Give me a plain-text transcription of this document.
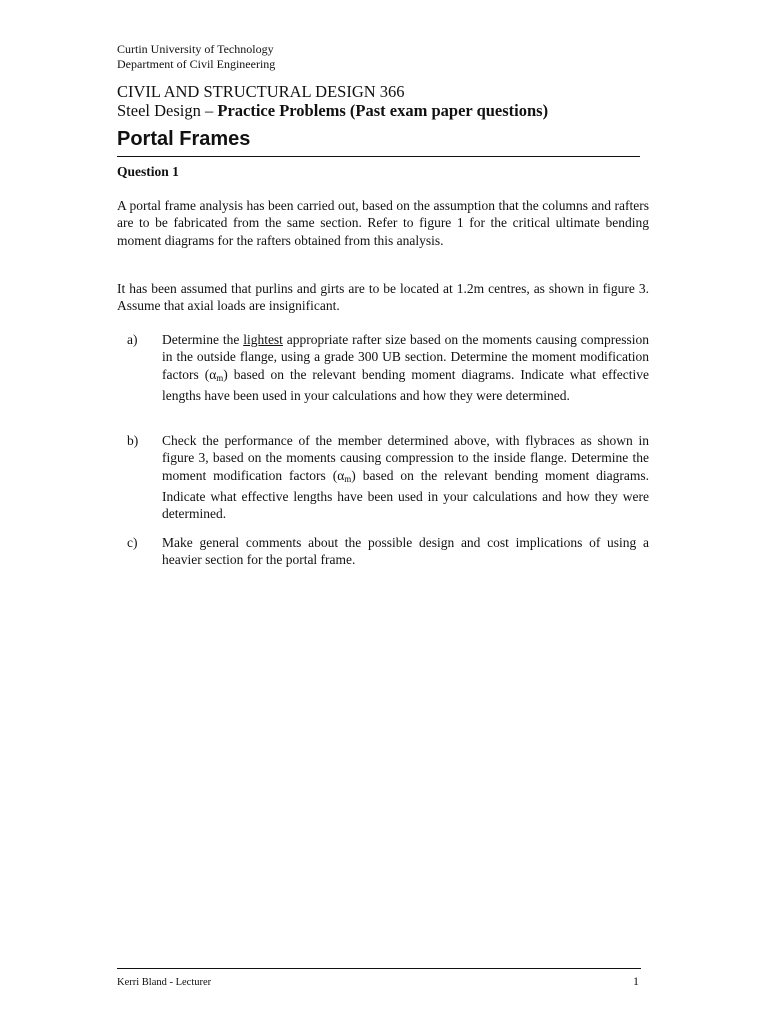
Curtin University of Technology
Department of Civil Engineering
CIVIL AND STRUCTURAL DESIGN 366
Steel Design – Practice Problems (Past exam paper questions)
Portal Frames
Question 1
A portal frame analysis has been carried out, based on the assumption that the columns and rafters are to be fabricated from the same section. Refer to figure 1 for the critical ultimate bending moment diagrams for the rafters obtained from this analysis.
It has been assumed that purlins and girts are to be located at 1.2m centres, as shown in figure 3. Assume that axial loads are insignificant.
a) Determine the lightest appropriate rafter size based on the moments causing compression in the outside flange, using a grade 300 UB section. Determine the moment modification factors $(\alpha_m)$ based on the relevant bending moment diagrams. Indicate what effective lengths have been used in your calculations and how they were determined.
b) Check the performance of the member determined above, with flybraces as shown in figure 3, based on the moments causing compression to the inside flange. Determine the moment modification factors $(\alpha_m)$ based on the relevant bending moment diagrams. Indicate what effective lengths have been used in your calculations and how they were determined.
c) Make general comments about the possible design and cost implications of using a heavier section for the portal frame.
Kerri Bland - Lecturer	1
